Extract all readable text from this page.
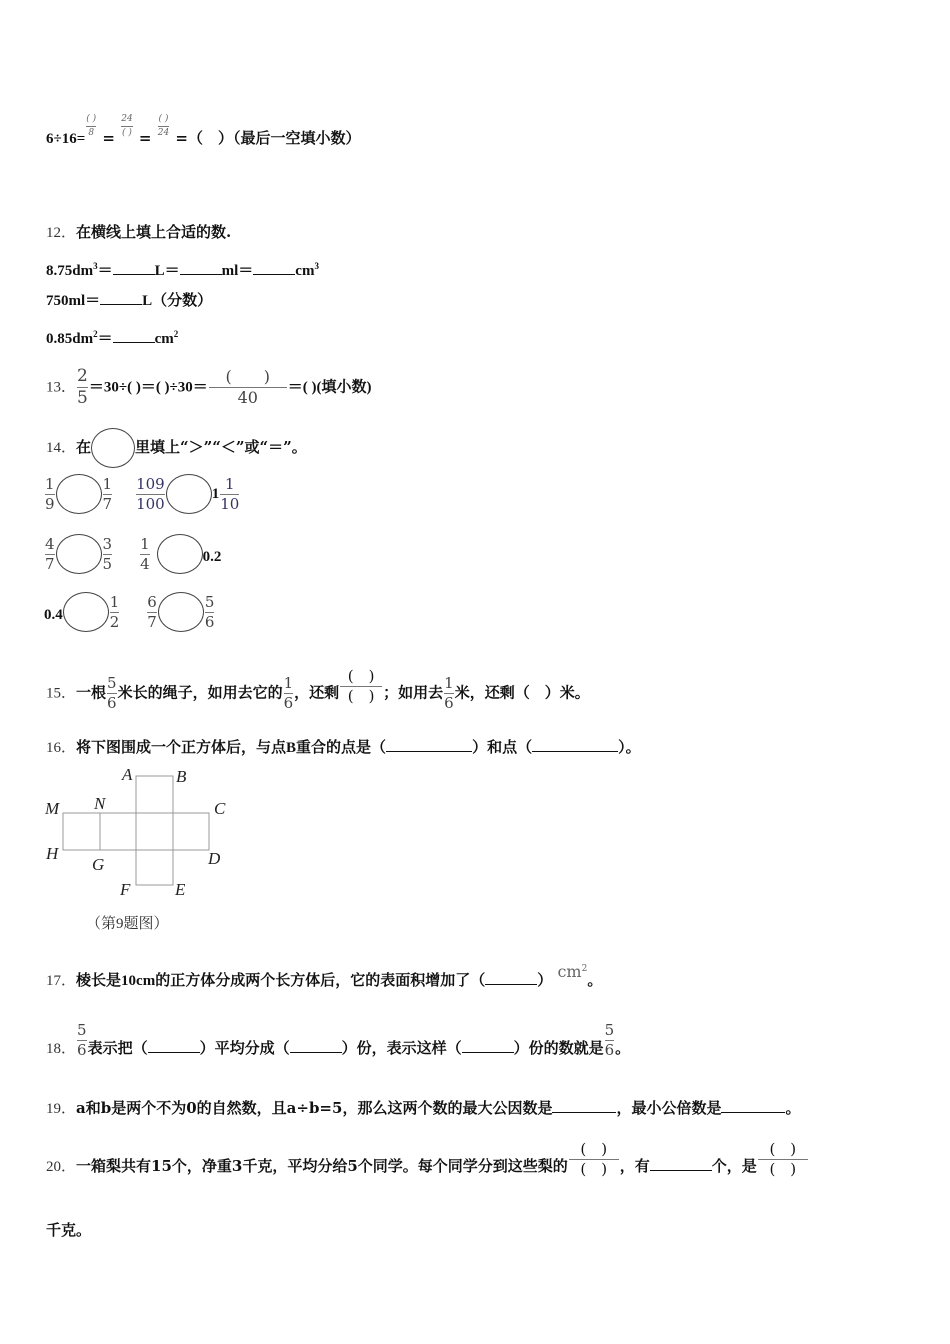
6÷16=
$\frac{( )}{8}$
=
$\frac{24}{( )}$
=
$\frac{( )}{24}$
=（　）（最后一空填小数）
12．在横线上填上合适的数.
$8.75dm^3=$	L＝	ml＝	$cm^3$
750ml＝	L（分数）
$0.85dm^2=$	$cm^2$
13． $\frac{2}{5} =30\div$( )＝( )$\div 30= \frac{( )}{40}$ ＝( )(填小数)
14．在	里填上“＞”“＜”或“＝”。
$\frac{1}{9}$	$\frac{1}{7} \frac{109}{100}$	$1 \frac{1}{10}$
$\frac{4}{7}$	$\frac{3}{5} \frac{1}{4}$	0.2
0.4	$\frac{1}{2} \frac{6}{7}$	$\frac{5}{6}$
15．一根 $\frac{5}{6}$ 米长的绳子，如用去它的 $\frac{1}{6}$ ，还剩 $\frac{( )}{( )}$ ；如用去 $\frac{1}{6}$ 米，还剩（　）米。
16．将下图围成一个正方体后，与点B重合的点是（	）和点（	）。
A	B
M N	C
H
G	D
F	E
（第9题图）
17．棱长是10cm的正方体分成两个长方体后，它的表面积增加了（	） $cm^2$。
18． $\frac{5}{6}$ 表示把（	）平均分成（	）份，表示这样（	）份的数就是 $\frac{5}{6}$ 。
19．a和b是两个不为0的自然数，且a÷b=5，那么这两个数的最大公因数是	，最小公倍数是	。
20．一箱梨共有15个，净重3千克，平均分给5个同学。每个同学分到这些梨的 $\frac{( )}{( )}$ ，有	个，是 $\frac{( )}{( )}$
千克。
